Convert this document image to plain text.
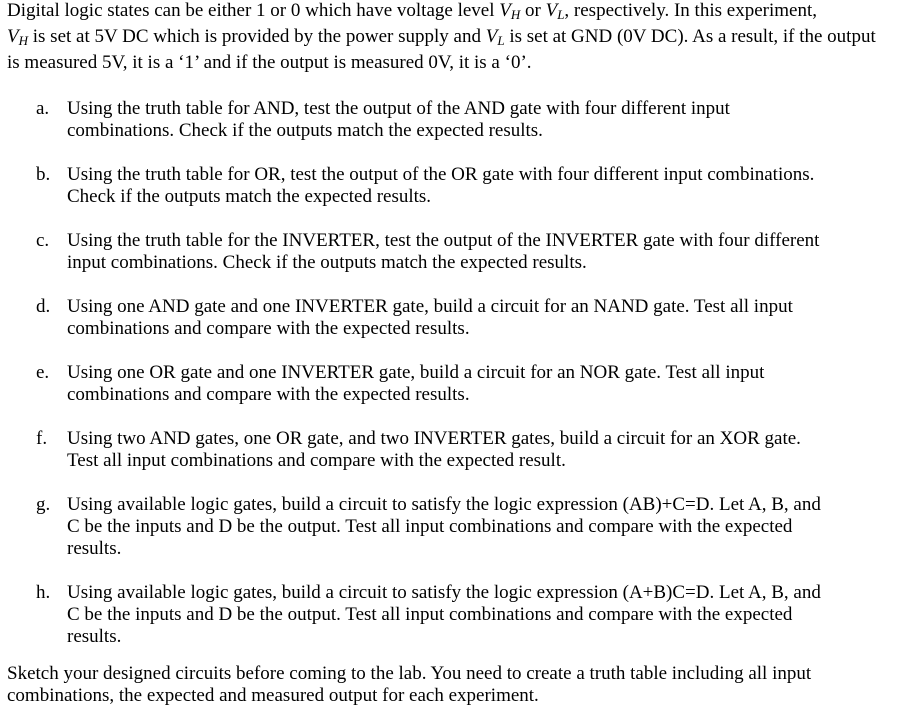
Digital logic states can be either 1 or 0 which have voltage level $V_H$ or $V_L$, respectively. In this experiment,
$V_H$ is set at 5V DC which is provided by the power supply and $V_L$ is set at GND (0V DC). As a result, if the output is measured 5V, it is a ‘1’ and if the output is measured 0V, it is a ‘0’.

a. Using the truth table for AND, test the output of the AND gate with four different input
combinations. Check if the outputs match the expected results.
b. Using the truth table for OR, test the output of the OR gate with four different input combinations.
Check if the outputs match the expected results.
c. Using the truth table for the INVERTER, test the output of the INVERTER gate with four different
input combinations. Check if the outputs match the expected results.
d. Using one AND gate and one INVERTER gate, build a circuit for an NAND gate. Test all input
combinations and compare with the expected results.
e. Using one OR gate and one INVERTER gate, build a circuit for an NOR gate. Test all input
combinations and compare with the expected results.
f.	Using two AND gates, one OR gate, and two INVERTER gates, build a circuit for an XOR gate.
Test all input combinations and compare with the expected result.
g. Using available logic gates, build a circuit to satisfy the logic expression (AB)+C=D. Let A, B, and
C be the inputs and D be the output. Test all input combinations and compare with the expected
results.
h. Using available logic gates, build a circuit to satisfy the logic expression (A+B)C=D. Let A, B, and
C be the inputs and D be the output. Test all input combinations and compare with the expected
results.

Sketch your designed circuits before coming to the lab. You need to create a truth table including all input
combinations, the expected and measured output for each experiment.
